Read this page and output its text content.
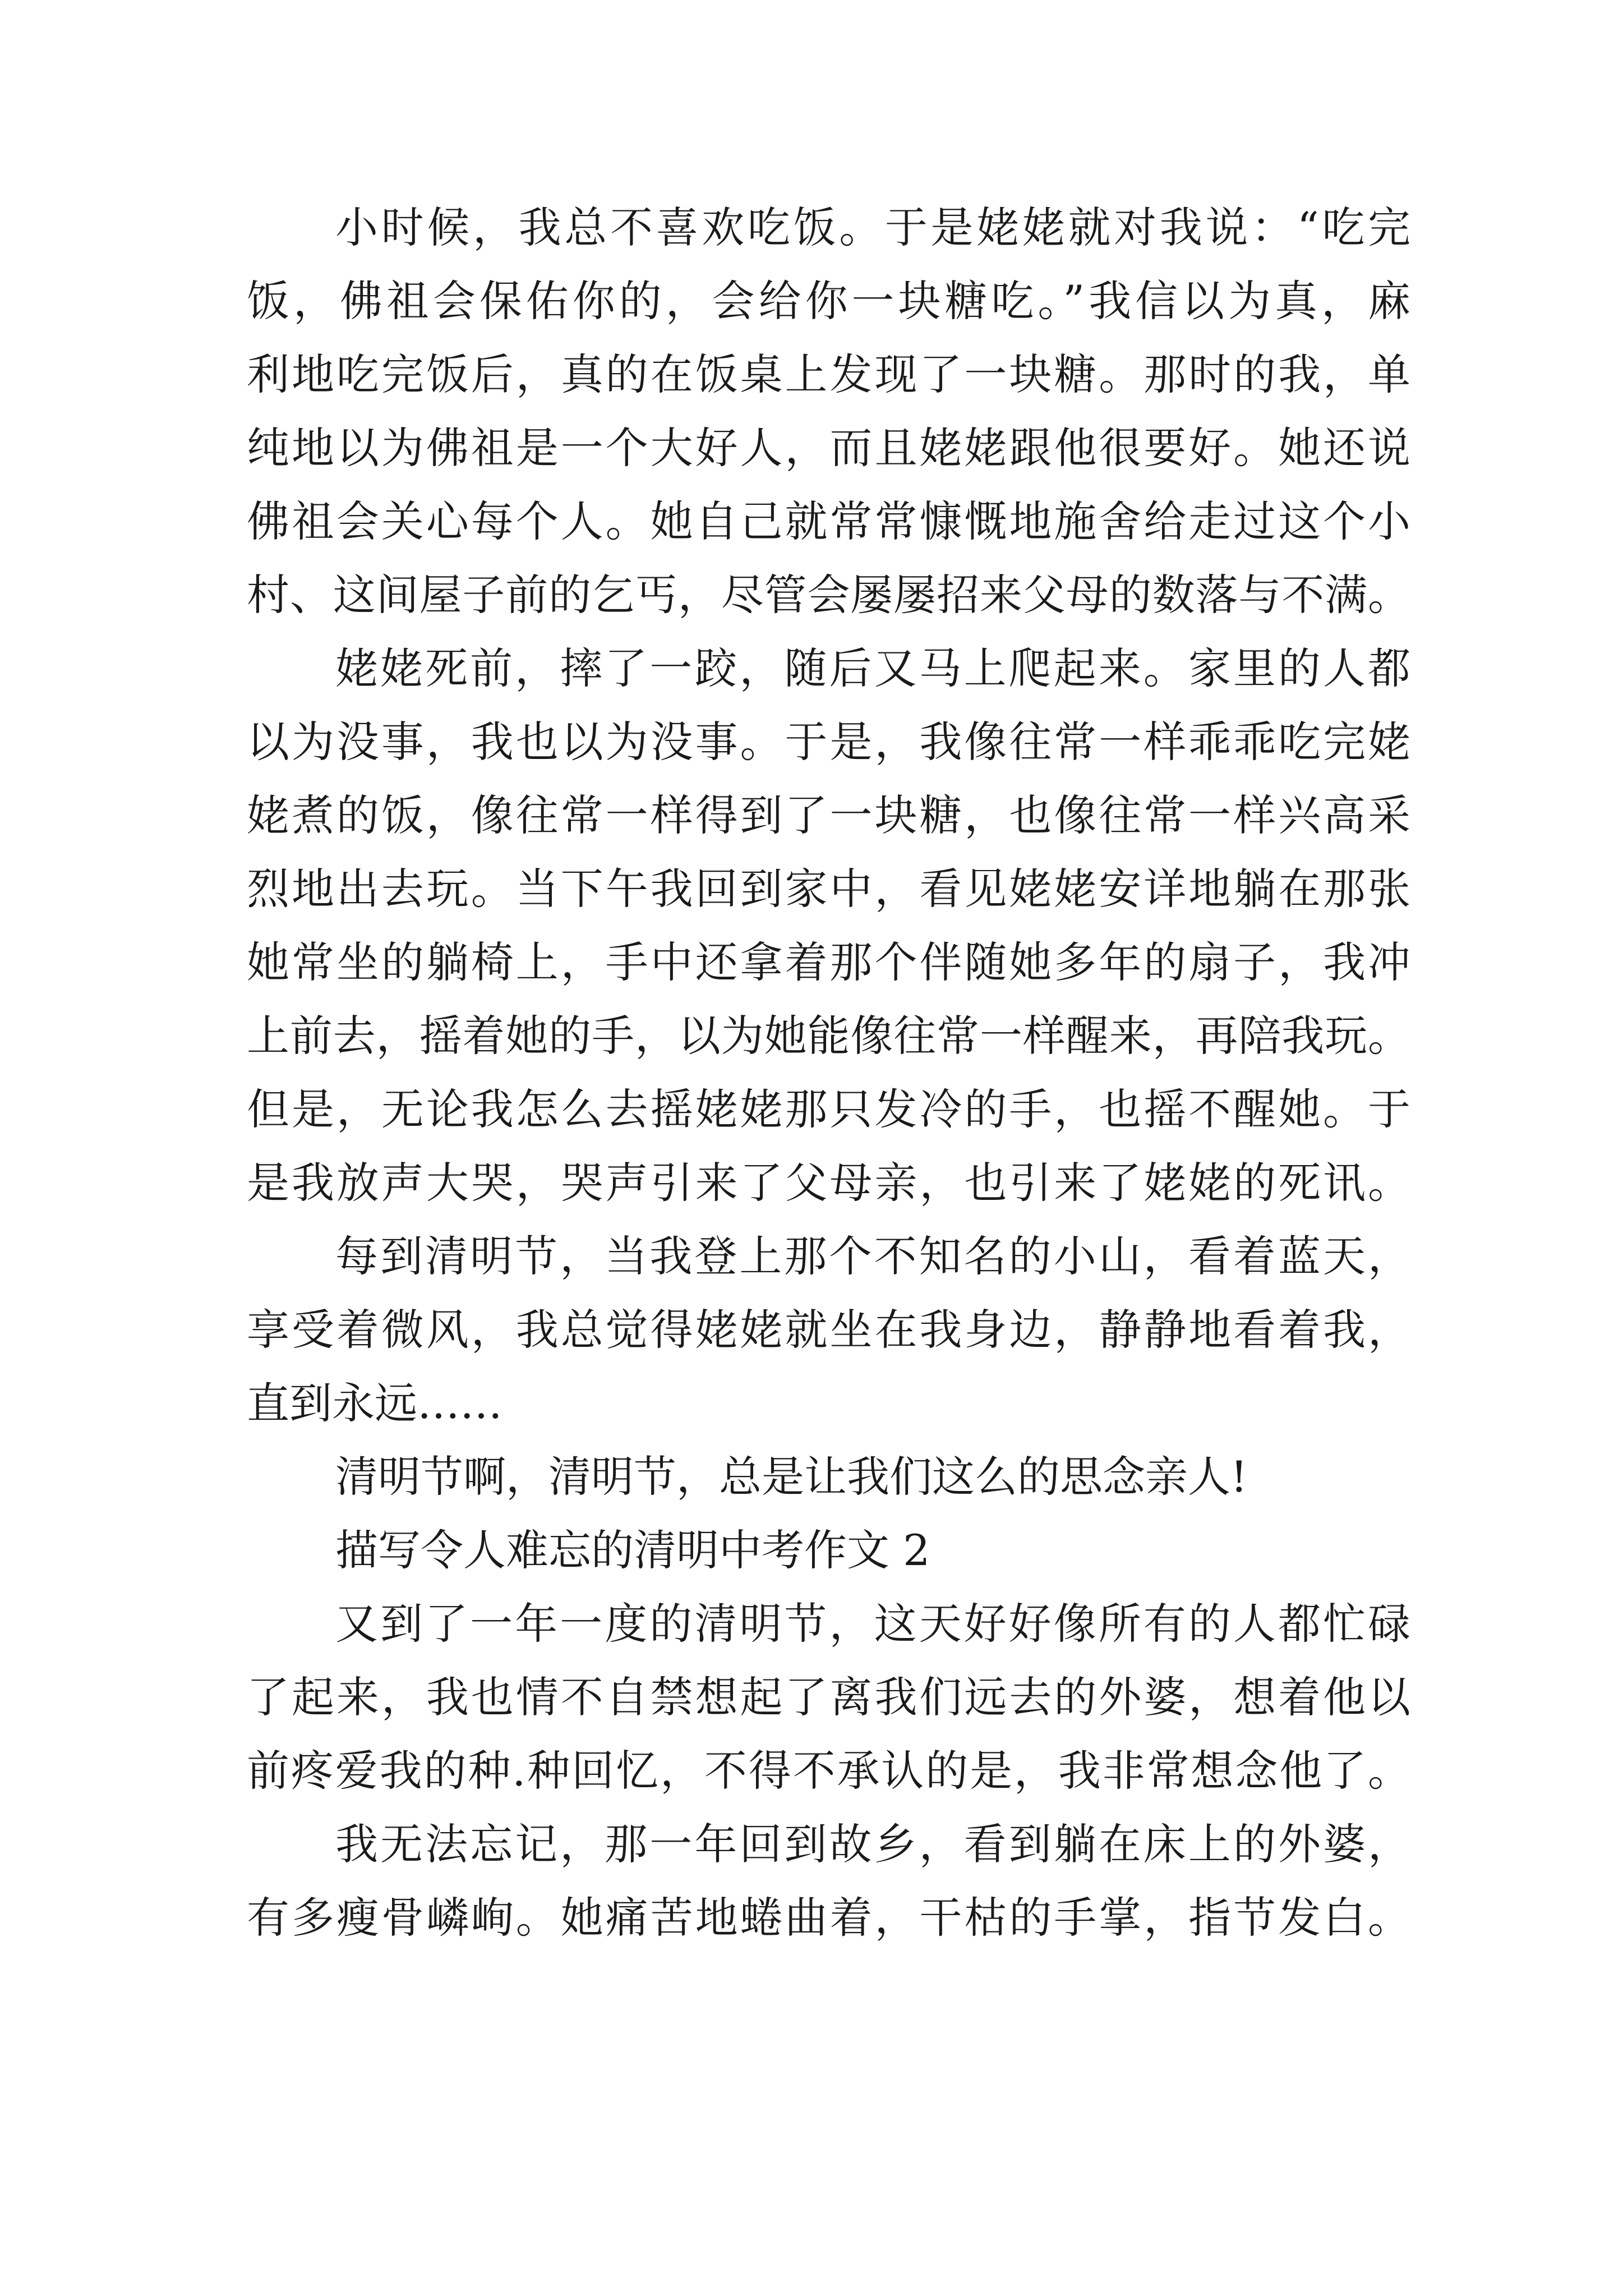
小时候，我总不喜欢吃饭。于是姥姥就对我说：“吃完
饭，佛祖会保佑你的，会给你一块糖吃。”我信以为真，麻
利地吃完饭后，真的在饭桌上发现了一块糖。那时的我，单
纯地以为佛祖是一个大好人，而且姥姥跟他很要好。她还说
佛祖会关心每个人。她自己就常常慷慨地施舍给走过这个小
村、这间屋子前的乞丐，尽管会屡屡招来父母的数落与不满。
姥姥死前，摔了一跤，随后又马上爬起来。家里的人都
以为没事，我也以为没事。于是，我像往常一样乖乖吃完姥
姥煮的饭，像往常一样得到了一块糖，也像往常一样兴高采
烈地出去玩。当下午我回到家中，看见姥姥安详地躺在那张
她常坐的躺椅上，手中还拿着那个伴随她多年的扇子，我冲
上前去，摇着她的手，以为她能像往常一样醒来，再陪我玩。
但是，无论我怎么去摇姥姥那只发冷的手，也摇不醒她。于
是我放声大哭，哭声引来了父母亲，也引来了姥姥的死讯。
每到清明节，当我登上那个不知名的小山，看着蓝天，
享受着微风，我总觉得姥姥就坐在我身边，静静地看着我，
直到永远……
清明节啊，清明节，总是让我们这么的思念亲人!
描写令人难忘的清明中考作文 2
又到了一年一度的清明节，这天好好像所有的人都忙碌
了起来，我也情不自禁想起了离我们远去的外婆，想着他以
前疼爱我的种.种回忆，不得不承认的是，我非常想念他了。
我无法忘记，那一年回到故乡，看到躺在床上的外婆，
有多瘦骨嶙峋。她痛苦地蜷曲着，干枯的手掌，指节发白。
